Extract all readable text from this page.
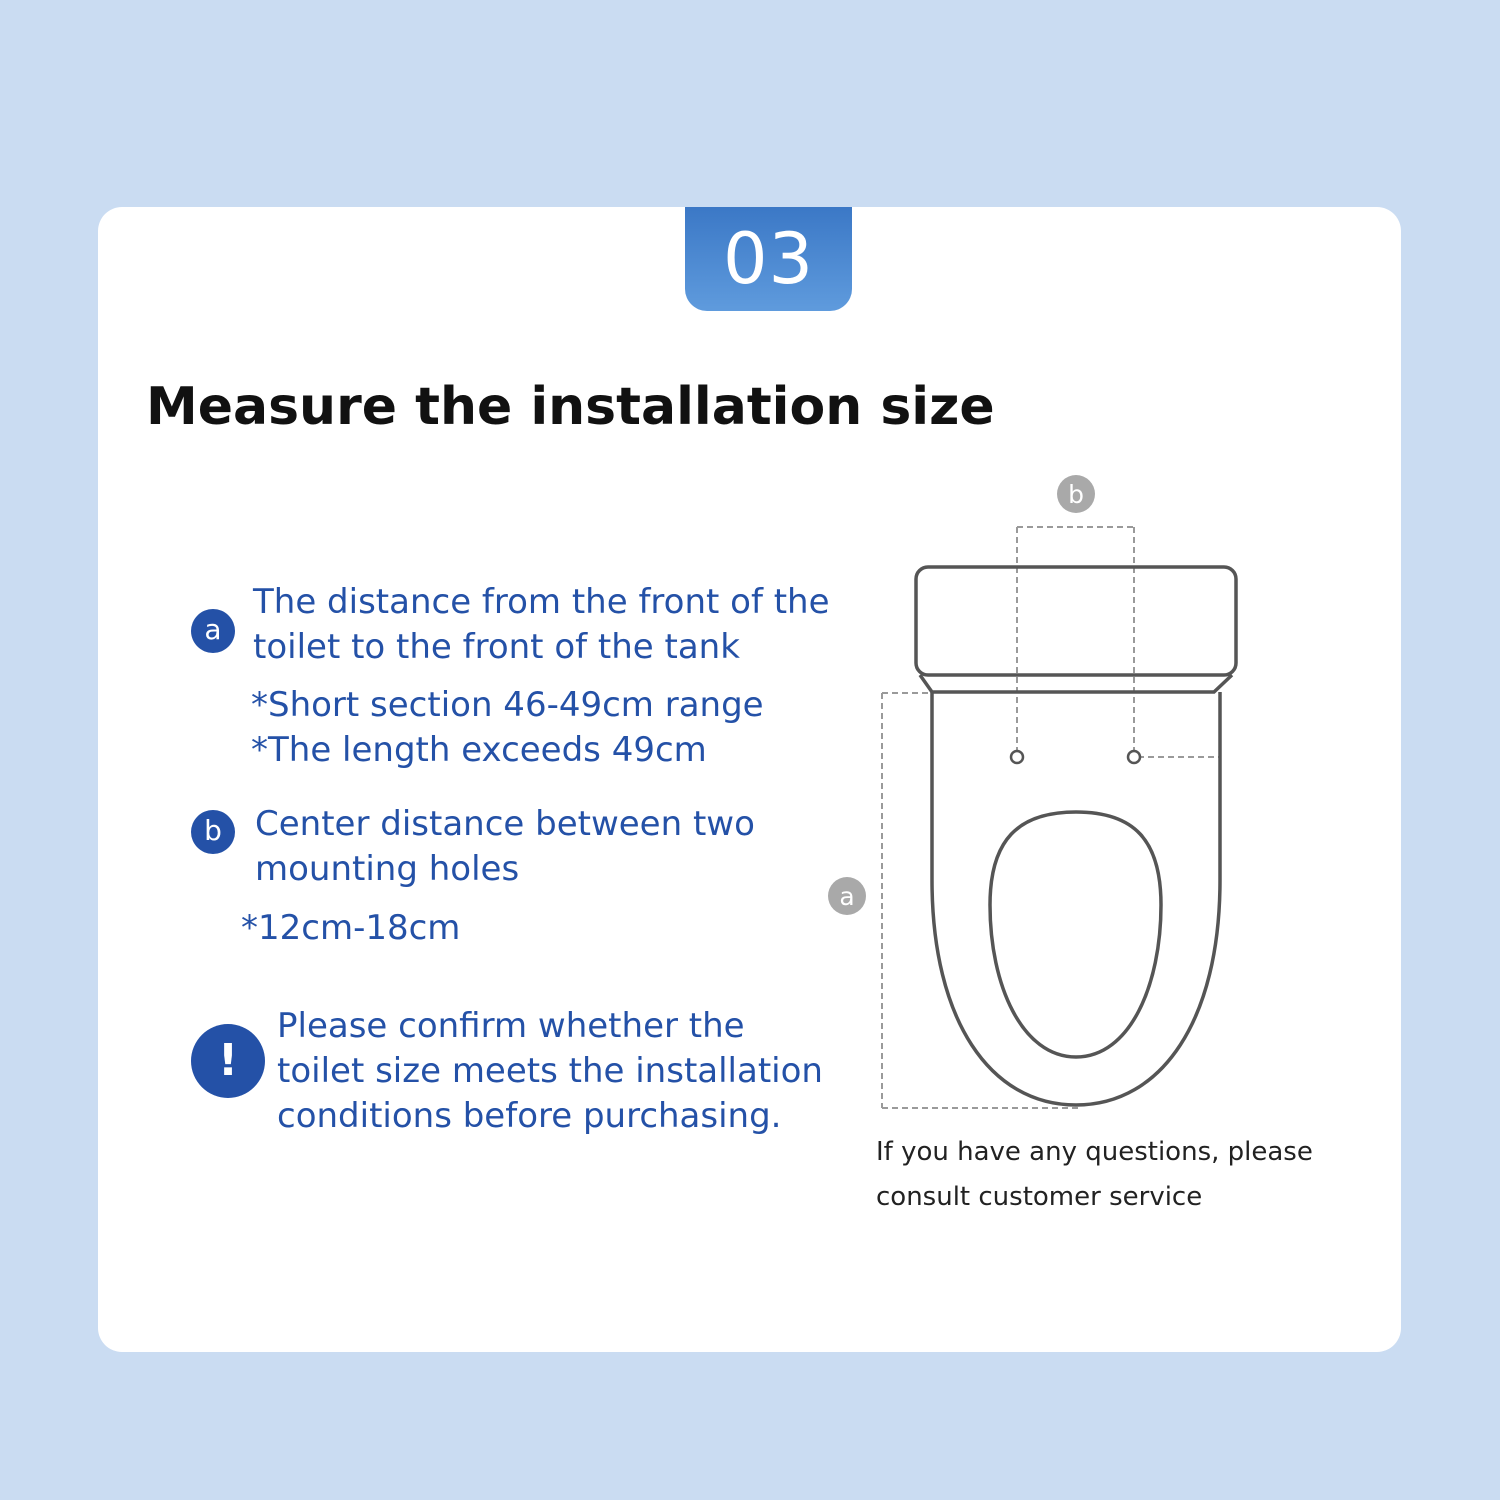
03
Measure the installation size
a
The distance from the front of the
toilet to the front of the tank
*Short section 46-49cm range
*The length exceeds 49cm
b Center distance between two
mounting holes
*12cm-18cm
!
Please confirm whether the
toilet size meets the installation
conditions before purchasing.
b
a
If you have any questions, please
consult customer service
